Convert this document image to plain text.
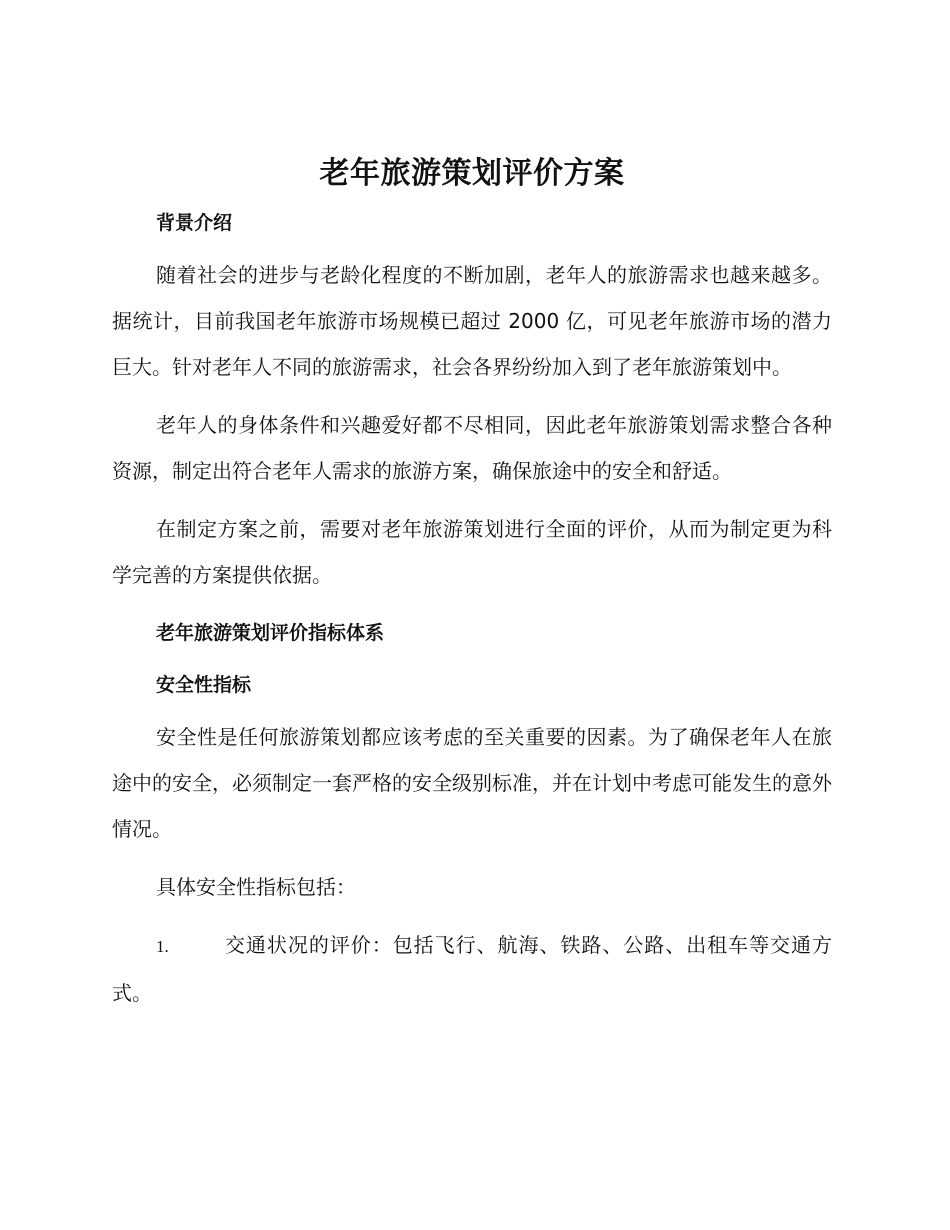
老年旅游策划评价方案
背景介绍

随着社会的进步与老龄化程度的不断加剧，老年人的旅游需求也越来越多。据统计，目前我国老年旅游市场规模已超过 2000 亿，可见老年旅游市场的潜力巨大。针对老年人不同的旅游需求，社会各界纷纷加入到了老年旅游策划中。

老年人的身体条件和兴趣爱好都不尽相同，因此老年旅游策划需求整合各种资源，制定出符合老年人需求的旅游方案，确保旅途中的安全和舒适。

在制定方案之前，需要对老年旅游策划进行全面的评价，从而为制定更为科学完善的方案提供依据。

老年旅游策划评价指标体系
安全性指标

安全性是任何旅游策划都应该考虑的至关重要的因素。为了确保老年人在旅途中的安全，必须制定一套严格的安全级别标准，并在计划中考虑可能发生的意外情况。

具体安全性指标包括：

1.	交通状况的评价：包括飞行、航海、铁路、公路、出租车等交通方式。
